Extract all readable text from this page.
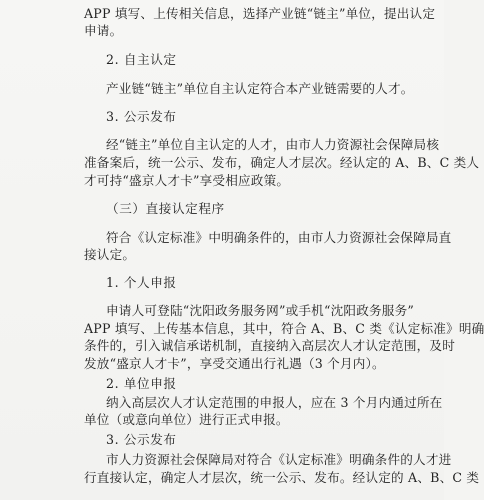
APP 填写、上传相关信息，选择产业链“链主”单位，提出认定
申请。
2. 自主认定
产业链“链主”单位自主认定符合本产业链需要的人才。
3. 公示发布
经“链主”单位自主认定的人才，由市人力资源社会保障局核
准备案后，统一公示、发布，确定人才层次。经认定的 A、B、C 类人
才可持“盛京人才卡”享受相应政策。
（三）直接认定程序
符合《认定标准》中明确条件的，由市人力资源社会保障局直
接认定。
1. 个人申报
申请人可登陆“沈阳政务服务网”或手机“沈阳政务服务”
APP 填写、上传基本信息，其中，符合 A、B、C 类《认定标准》明确
条件的，引入诚信承诺机制，直接纳入高层次人才认定范围，及时
发放“盛京人才卡”，享受交通出行礼遇（3 个月内）。
2. 单位申报
纳入高层次人才认定范围的申报人，应在 3 个月内通过所在
单位（或意向单位）进行正式申报。
3. 公示发布
市人力资源社会保障局对符合《认定标准》明确条件的人才进
行直接认定，确定人才层次，统一公示、发布。经认定的 A、B、C 类
